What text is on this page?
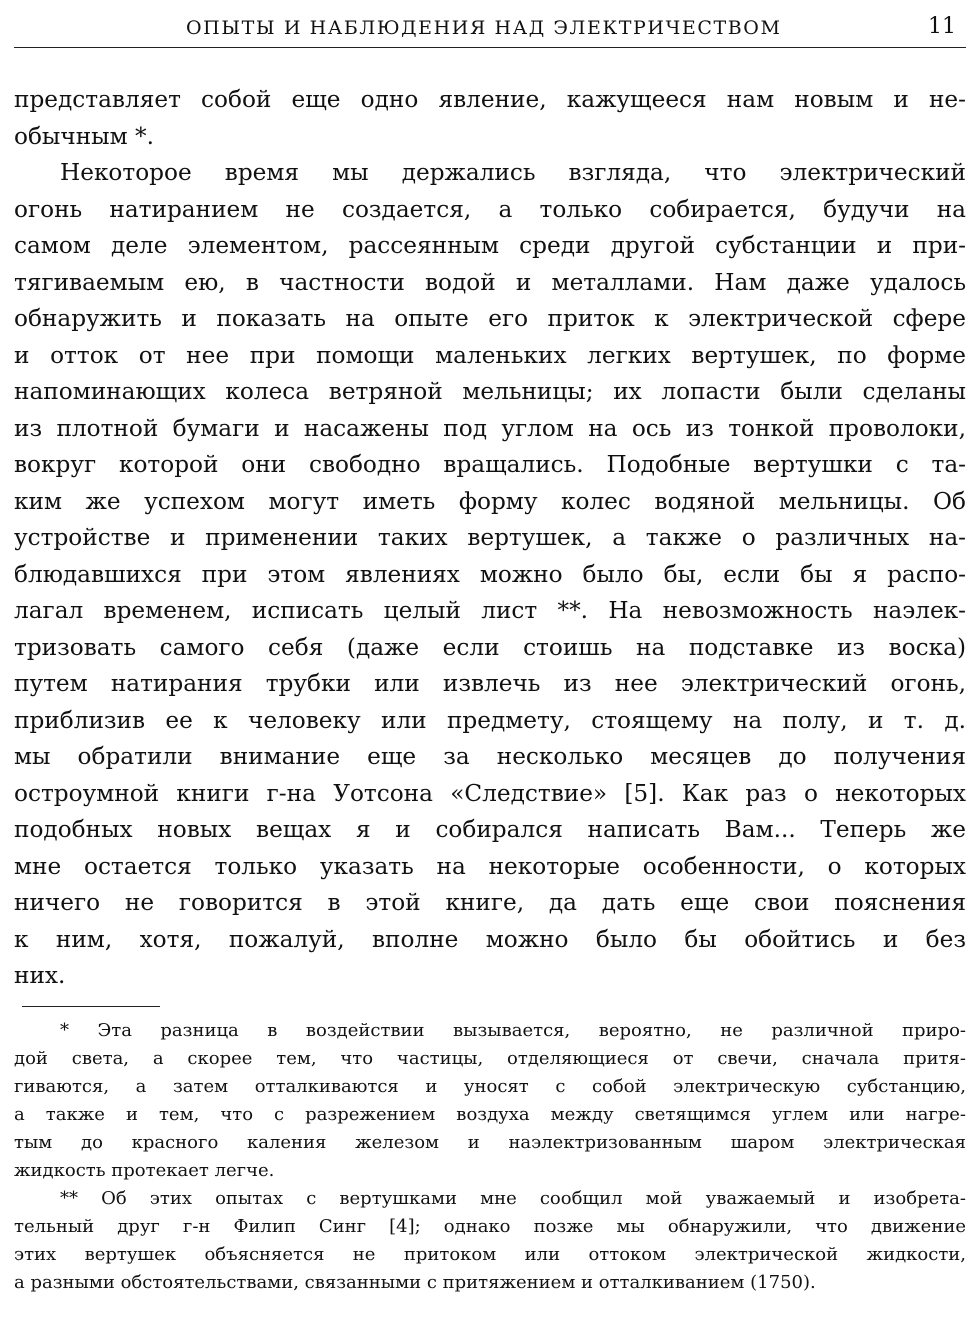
ОПЫТЫ И НАБЛЮДЕНИЯ НАД ЭЛЕКТРИЧЕСТВОМ	11
представляет собой еще одно явление, кажущееся нам новым и не-
обычным *.
Некоторое время мы держались взгляда, что электрический
огонь натиранием не создается, а только собирается, будучи на
самом деле элементом, рассеянным среди другой субстанции и при-
тягиваемым ею, в частности водой и металлами. Нам даже удалось
обнаружить и показать на опыте его приток к электрической сфере
и отток от нее при помощи маленьких легких вертушек, по форме
напоминающих колеса ветряной мельницы; их лопасти были сделаны
из плотной бумаги и насажены под углом на ось из тонкой проволоки,
вокруг которой они свободно вращались. Подобные вертушки с та-
ким же успехом могут иметь форму колес водяной мельницы. Об
устройстве и применении таких вертушек, а также о различных на-
блюдавшихся при этом явлениях можно было бы, если бы я распо-
лагал временем, исписать целый лист **. На невозможность наэлек-
тризовать самого себя (даже если стоишь на подставке из воска)
путем натирания трубки или извлечь из нее электрический огонь,
приблизив ее к человеку или предмету, стоящему на полу, и т. д.
мы обратили внимание еще за несколько месяцев до получения
остроумной книги г-на Уотсона «Следствие» [5]. Как раз о некоторых
подобных новых вещах я и собирался написать Вам... Теперь же
мне остается только указать на некоторые особенности, о которых
ничего не говорится в этой книге, да дать еще свои пояснения
к ним, хотя, пожалуй, вполне можно было бы обойтись и без
них.
* Эта разница в воздействии вызывается, вероятно, не различной приро-
дой света, а скорее тем, что частицы, отделяющиеся от свечи, сначала притя-
гиваются, а затем отталкиваются и уносят с собой электрическую субстанцию,
а также и тем, что с разрежением воздуха между светящимся углем или нагре-
тым до красного каления железом и наэлектризованным шаром электрическая
жидкость протекает легче.
** Об этих опытах с вертушками мне сообщил мой уважаемый и изобрета-
тельный друг г-н Филип Синг [4]; однако позже мы обнаружили, что движение
этих вертушек объясняется не притоком или оттоком электрической жидкости,
а разными обстоятельствами, связанными с притяжением и отталкиванием (1750).
